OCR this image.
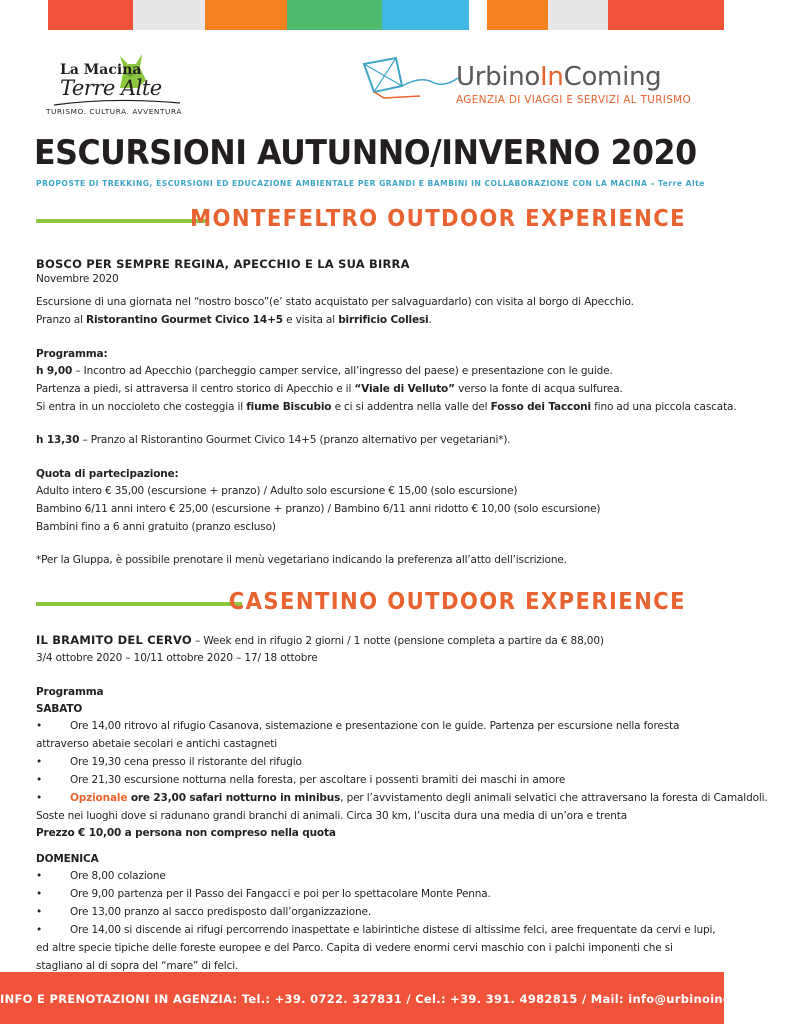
La Macina
Terre Alte
TURISMO. CULTURA. AVVENTURA
UrbinoInComing
AGENZIA DI VIAGGI E SERVIZI AL TURISMO
ESCURSIONI AUTUNNO/INVERNO 2020
PROPOSTE DI TREKKING, ESCURSIONI ED EDUCAZIONE AMBIENTALE PER GRANDI E BAMBINI IN COLLABORAZIONE CON LA MACINA – Terre Alte
MONTEFELTRO OUTDOOR EXPERIENCE
BOSCO PER SEMPRE REGINA, APECCHIO E LA SUA BIRRA
Novembre 2020
Escursione di una giornata nel “nostro bosco”(e’ stato acquistato per salvaguardarlo) con visita al borgo di Apecchio.
Pranzo al Ristorantino Gourmet Civico 14+5 e visita al birrificio Collesi.
Programma:
h 9,00 – Incontro ad Apecchio (parcheggio camper service, all’ingresso del paese) e presentazione con le guide.
Partenza a piedi, si attraversa il centro storico di Apecchio e il “Viale di Velluto” verso la fonte di acqua sulfurea.
Si entra in un noccioleto che costeggia il fiume Biscubio e ci si addentra nella valle del Fosso dei Tacconi fino ad una piccola cascata.
h 13,30 – Pranzo al Ristorantino Gourmet Civico 14+5 (pranzo alternativo per vegetariani*).
Quota di partecipazione:
Adulto intero € 35,00 (escursione + pranzo) / Adulto solo escursione € 15,00 (solo escursione)
Bambino 6/11 anni intero € 25,00 (escursione + pranzo) / Bambino 6/11 anni ridotto € 10,00 (solo escursione)
Bambini fino a 6 anni gratuito (pranzo escluso)
*Per la Gluppa, è possibile prenotare il menù vegetariano indicando la preferenza all’atto dell’iscrizione.
CASENTINO OUTDOOR EXPERIENCE
IL BRAMITO DEL CERVO – Week end in rifugio 2 giorni / 1 notte (pensione completa a partire da € 88,00)
3/4 ottobre 2020 – 10/11 ottobre 2020 – 17/ 18 ottobre
Programma
SABATO
•	Ore 14,00 ritrovo al rifugio Casanova, sistemazione e presentazione con le guide. Partenza per escursione nella foresta
attraverso abetaie secolari e antichi castagneti
•	Ore 19,30 cena presso il ristorante del rifugio
•	Ore 21,30 escursione notturna nella foresta, per ascoltare i possenti bramiti dei maschi in amore
•	Opzionale ore 23,00 safari notturno in minibus, per l’avvistamento degli animali selvatici che attraversano la foresta di Camaldoli.
Soste nei luoghi dove si radunano grandi branchi di animali. Circa 30 km, l’uscita dura una media di un’ora e trenta
Prezzo € 10,00 a persona non compreso nella quota
DOMENICA
•	Ore 8,00 colazione
•	Ore 9,00 partenza per il Passo dei Fangacci e poi per lo spettacolare Monte Penna.
•	Ore 13,00 pranzo al sacco predisposto dall’organizzazione.
•	Ore 14,00 si discende ai rifugi percorrendo inaspettate e labirintiche distese di altissime felci, aree frequentate da cervi e lupi,
ed altre specie tipiche delle foreste europee e del Parco. Capita di vedere enormi cervi maschio con i palchi imponenti che si
stagliano al di sopra del “mare” di felci.
INFO E PRENOTAZIONI IN AGENZIA: Tel.: +39. 0722. 327831 / Cel.: +39. 391. 4982815 / Mail: info@urbinoincoming.it
